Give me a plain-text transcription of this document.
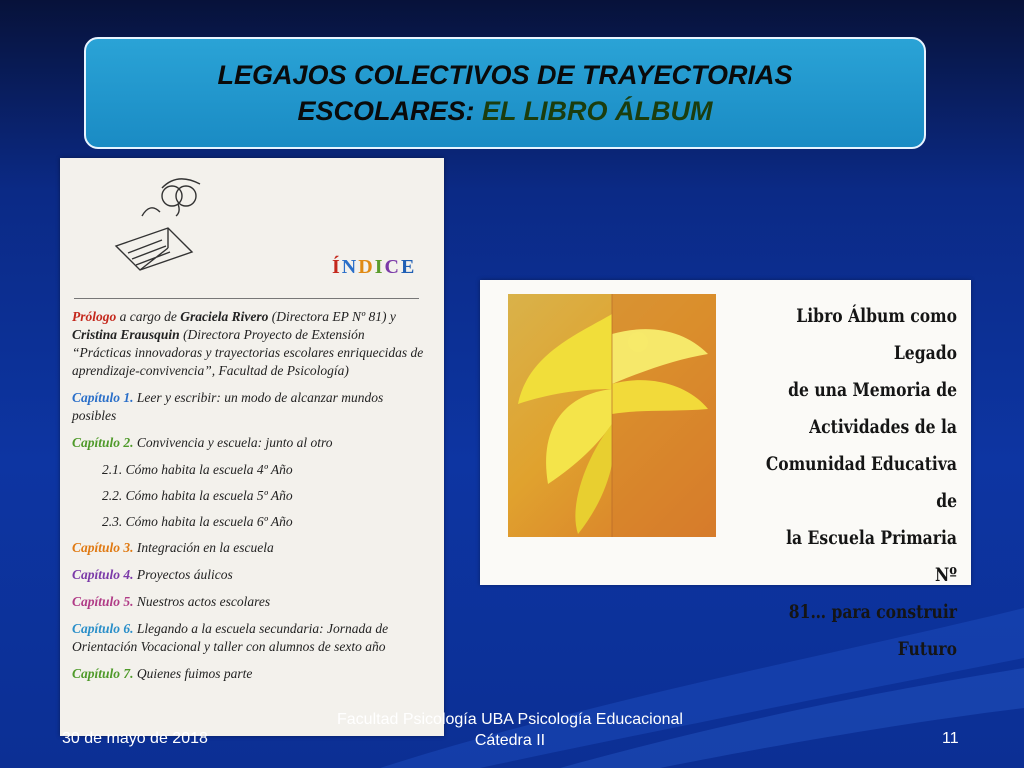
LEGAJOS COLECTIVOS DE TRAYECTORIAS
ESCOLARES: EL LIBRO ÁLBUM
ÍNDICE
Prólogo a cargo de Graciela Rivero (Directora EP Nº 81) y Cristina Erausquin (Directora Proyecto de Extensión “Prácticas innovadoras y trayectorias escolares enriquecidas de aprendizaje-convivencia”, Facultad de Psicología)
Capítulo 1. Leer y escribir: un modo de alcanzar mundos posibles
Capítulo 2. Convivencia y escuela: junto al otro
2.1. Cómo habita la escuela 4º Año
2.2. Cómo habita la escuela 5º Año
2.3. Cómo habita la escuela 6º Año
Capítulo 3. Integración en la escuela
Capítulo 4. Proyectos áulicos
Capítulo 5. Nuestros actos escolares
Capítulo 6. Llegando a la escuela secundaria: Jornada de Orientación Vocacional y taller con alumnos de sexto año
Capítulo 7. Quienes fuimos parte
Libro Álbum como Legado
de una Memoria de
Actividades de la
Comunidad Educativa de
la Escuela Primaria Nº
81… para construir
Futuro
30 de mayo de 2018
Facultad Psicología UBA Psicología Educacional
Cátedra II	11
